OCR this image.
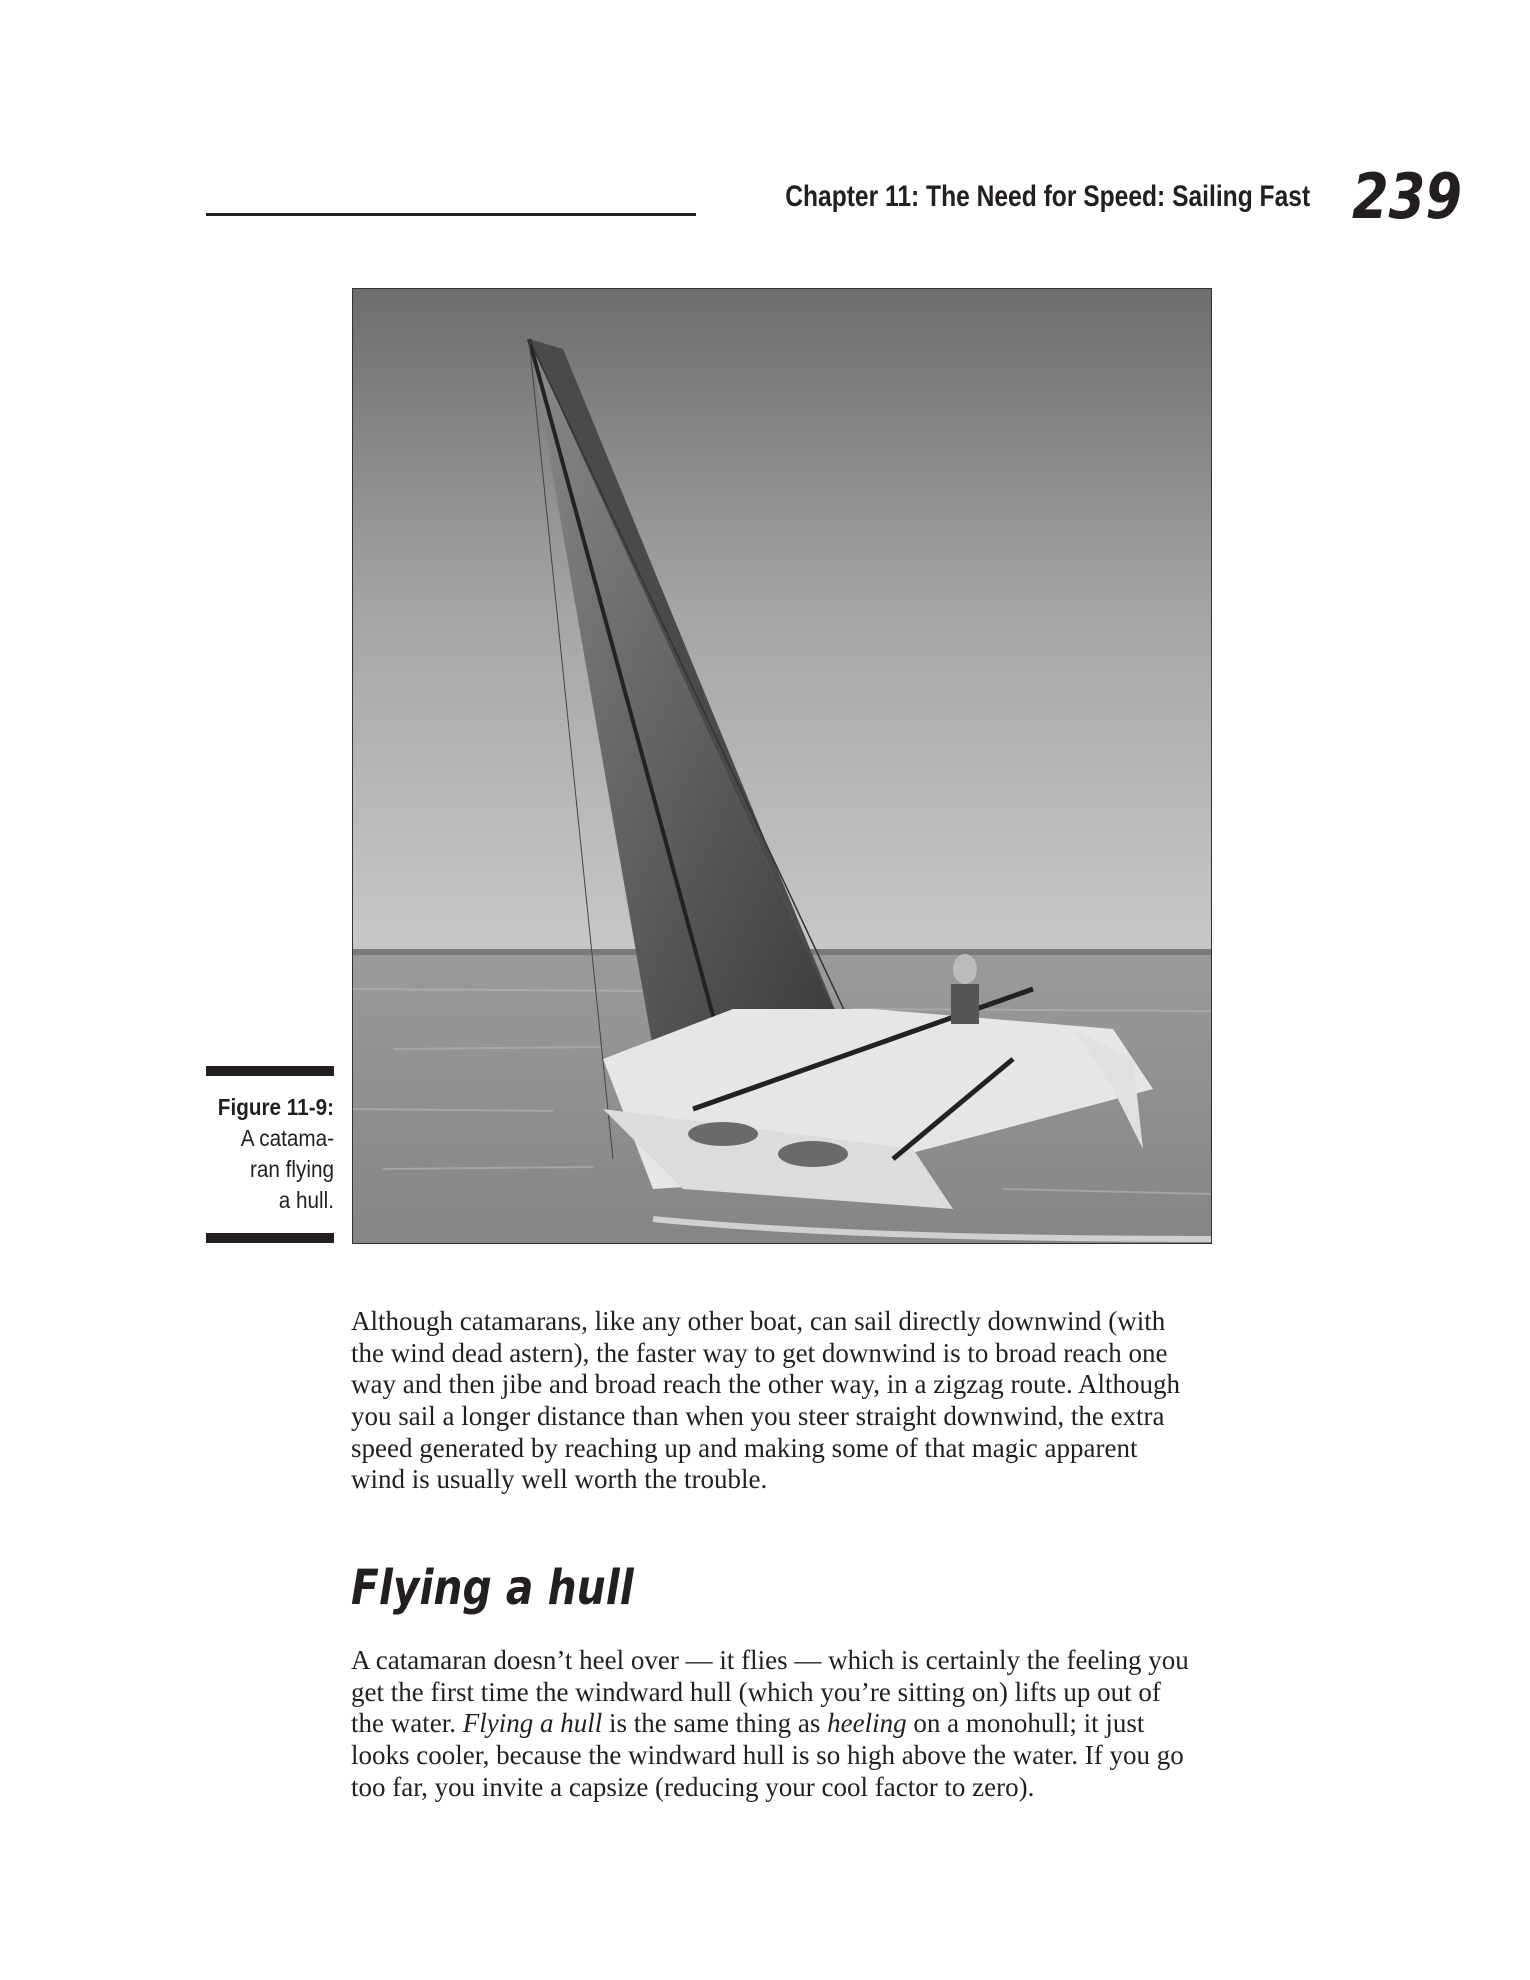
Chapter 11: The Need for Speed: Sailing Fast 239
Figure 11-9:
A catama-
ran flying
a hull.
Although catamarans, like any other boat, can sail directly downwind (with
the wind dead astern), the faster way to get downwind is to broad reach one
way and then jibe and broad reach the other way, in a zigzag route. Although
you sail a longer distance than when you steer straight downwind, the extra
speed generated by reaching up and making some of that magic apparent
wind is usually well worth the trouble.
Flying a hull
A catamaran doesn’t heel over — it flies — which is certainly the feeling you
get the first time the windward hull (which you’re sitting on) lifts up out of
the water. Flying a hull is the same thing as heeling on a monohull; it just
looks cooler, because the windward hull is so high above the water. If you go
too far, you invite a capsize (reducing your cool factor to zero).
